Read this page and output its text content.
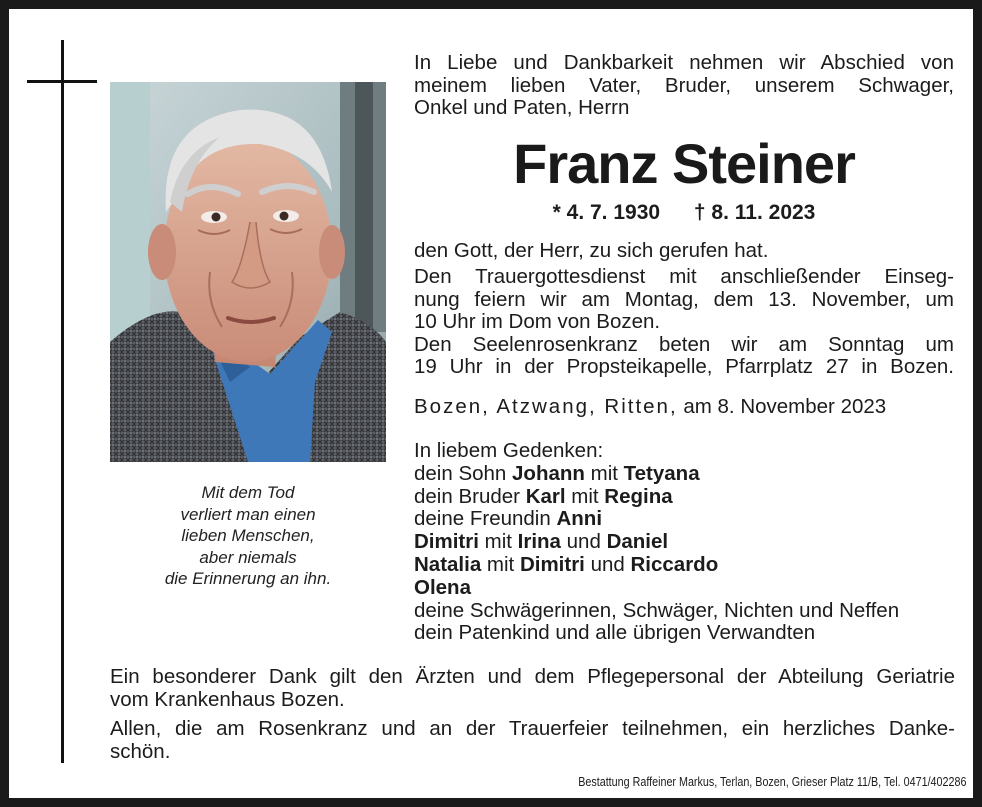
Mit dem Tod
verliert man einen
lieben Menschen,
aber niemals
die Erinnerung an ihn.
In Liebe und Dankbarkeit nehmen wir Abschied von
meinem lieben Vater, Bruder, unserem Schwager,
Onkel und Paten, Herrn
Franz Steiner
* 4. 7. 1930 † 8. 11. 2023
den Gott, der Herr, zu sich gerufen hat.
Den Trauergottesdienst mit anschließender Einseg-
nung feiern wir am Montag, dem 13. November, um
10 Uhr im Dom von Bozen.
Den Seelenrosenkranz beten wir am Sonntag um
19 Uhr in der Propsteikapelle, Pfarrplatz 27 in Bozen.
Bozen, Atzwang, Ritten, am 8. November 2023
In liebem Gedenken:
dein Sohn Johann mit Tetyana
dein Bruder Karl mit Regina
deine Freundin Anni
Dimitri mit Irina und Daniel
Natalia mit Dimitri und Riccardo
Olena
deine Schwägerinnen, Schwäger, Nichten und Neffen
dein Patenkind und alle übrigen Verwandten
Ein besonderer Dank gilt den Ärzten und dem Pflegepersonal der Abteilung Geriatrie
vom Krankenhaus Bozen.
Allen, die am Rosenkranz und an der Trauerfeier teilnehmen, ein herzliches Danke-
schön.
Bestattung Raffeiner Markus, Terlan, Bozen, Grieser Platz 11/B, Tel. 0471/402286
